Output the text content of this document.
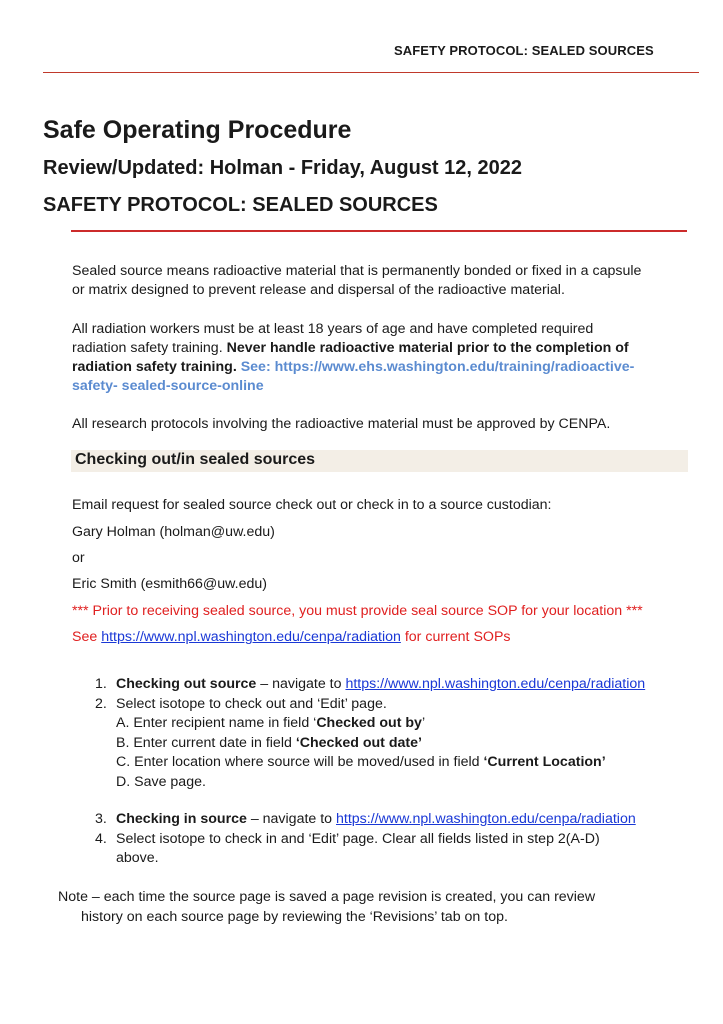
SAFETY PROTOCOL: SEALED SOURCES
Safe Operating Procedure
Review/Updated: Holman - Friday, August 12, 2022
SAFETY PROTOCOL: SEALED SOURCES
Sealed source means radioactive material that is permanently bonded or fixed in a capsule
or matrix designed to prevent release and dispersal of the radioactive material.
All radiation workers must be at least 18 years of age and have completed required
radiation safety training. Never handle radioactive material prior to the completion of
radiation safety training. See: https://www.ehs.washington.edu/training/radioactive-
safety- sealed-source-online
All research protocols involving the radioactive material must be approved by CENPA.
Checking out/in sealed sources
Email request for sealed source check out or check in to a source custodian:
Gary Holman (holman@uw.edu)
or
Eric Smith (esmith66@uw.edu)
*** Prior to receiving sealed source, you must provide seal source SOP for your location ***
See https://www.npl.washington.edu/cenpa/radiation for current SOPs
1. Checking out source – navigate to https://www.npl.washington.edu/cenpa/radiation
2. Select isotope to check out and ‘Edit’ page.
A. Enter recipient name in field ‘Checked out by’
B. Enter current date in field ‘Checked out date’
C. Enter location where source will be moved/used in field ‘Current Location’
D. Save page.
3. Checking in source – navigate to https://www.npl.washington.edu/cenpa/radiation
4. Select isotope to check in and ‘Edit’ page. Clear all fields listed in step 2(A-D)
above.
Note – each time the source page is saved a page revision is created, you can review
history on each source page by reviewing the ‘Revisions’ tab on top.
